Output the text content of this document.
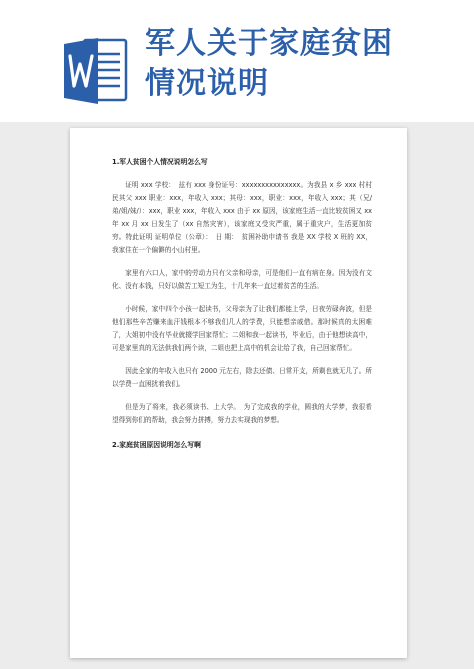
军人关于家庭贫困
情况说明
1.军人贫困个人情况说明怎么写

证明 xxx 学校：　兹有 xxx 身份证号：xxxxxxxxxxxxxxx。为我县 x 乡 xxx 村村民其父 xxx 职业：xxx，年收入 xxx；其母：xxx，职业：xxx，年收入 xxx；其（兄/弟/姐/妹/）：xxx，职业 xxx，年收入 xxx 由于 xx 原因，该家庭生活一直比较贫困又 xx 年 xx 月 xx 日发生了（xx 自然灾害），该家庭又受灾严重，属于重灾户，生活更加贫穷。特此证明 证明单位（公章）：　日 期：　贫困补助申请书 我是 XX 学校 X 班的 XX，我家住在一个偏僻的小山村里。

家里有六口人，家中的劳动力只有父亲和母亲，可是他们一直有病在身。因为没有文化、没有本钱，只好以做苦工短工为生，十几年来一直过着贫苦的生活。

小时候，家中四个小孩一起读书，父母亲为了让我们都能上学，日夜劳碌奔波，但是他们那些辛苦赚来血汗钱根本不够我们几人的学费，只能想亲戚借。那时候真的太困难了，大姐初中没有毕业就辍学回家帮忙；二姐和我一起读书，毕业后，由于他想读高中，可是家里真的无法供我们两个读，二姐也把上高中的机会让给了我，自己回家帮忙。

因此全家的年收入也只有 2000 元左右，除去还债、日常开支，所剩也就无几了。所以学费一直困扰着我们。

但是为了将来，我必须读书、上大学。　为了完成我的学业，圆我的大学梦，我很希望得到你们的帮助，我会努力拼搏，努力去实现我的梦想。

2.家庭贫困原因说明怎么写啊
